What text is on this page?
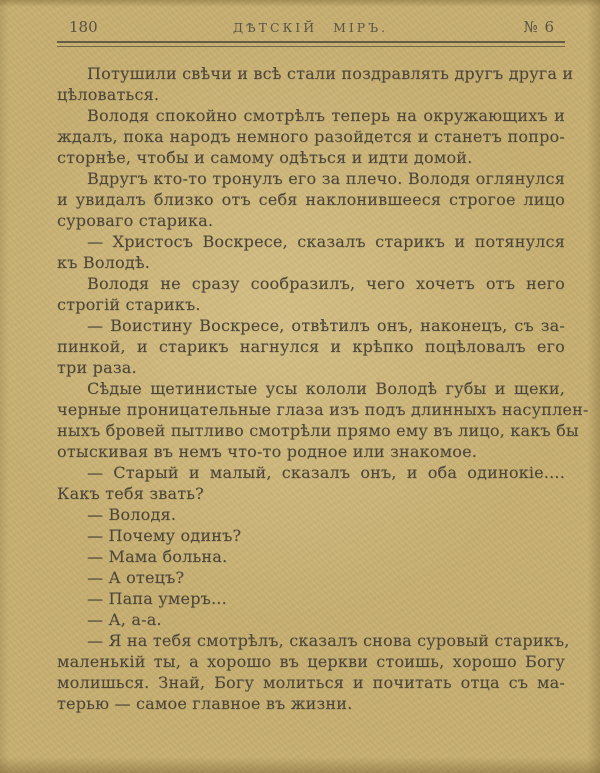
180	ДѢТСКІЙ МІРЪ.	№ 6
Потушили свѣчи и всѣ стали поздравлять другъ друга и
цѣловаться.
Володя спокойно смотрѣлъ теперь на окружающихъ и
ждалъ, пока народъ немного разойдется и станетъ попро-
сторнѣе, чтобы и самому одѣться и идти домой.
Вдругъ кто-то тронулъ его за плечо. Володя оглянулся
и увидалъ близко отъ себя наклонившееся строгое лицо
суроваго старика.
— Христосъ Воскресе, сказалъ старикъ и потянулся
къ Володѣ.
Володя не сразу сообразилъ, чего хочетъ отъ него
строгій старикъ.
— Воистину Воскресе, отвѣтилъ онъ, наконецъ, съ за-
пинкой, и старикъ нагнулся и крѣпко поцѣловалъ его
три раза.
Сѣдые щетинистые усы кололи Володѣ губы и щеки,
черные проницательные глаза изъ подъ длинныхъ насуплен-
ныхъ бровей пытливо смотрѣли прямо ему въ лицо, какъ бы
отыскивая въ немъ что-то родное или знакомое.
— Старый и малый, сказалъ онъ, и оба одинокіе....
Какъ тебя звать?
— Володя.
— Почему одинъ?
— Мама больна.
— А отецъ?
— Папа умеръ...
— А, а-а.
— Я на тебя смотрѣлъ, сказалъ снова суровый старикъ,
маленькій ты, а хорошо въ церкви стоишь, хорошо Богу
молишься. Знай, Богу молиться и почитать отца съ ма-
терью — самое главное въ жизни.
